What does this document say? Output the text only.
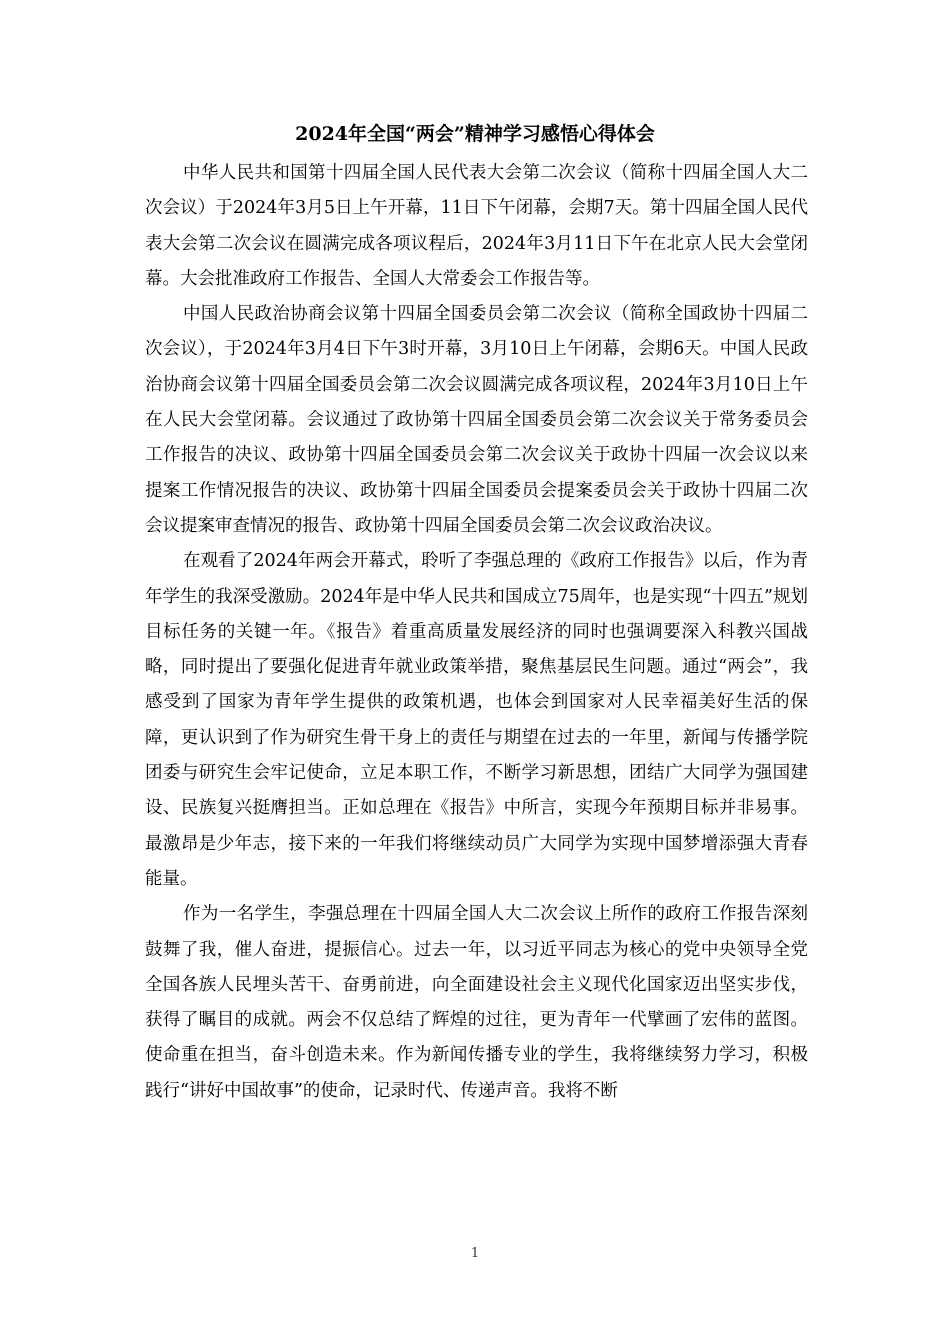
2024年全国“两会”精神学习感悟心得体会

中华人民共和国第十四届全国人民代表大会第二次会议（简称十四届全国人大二次会议）于2024年3月5日上午开幕，11日下午闭幕，会期7天。第十四届全国人民代表大会第二次会议在圆满完成各项议程后，2024年3月11日下午在北京人民大会堂闭幕。大会批准政府工作报告、全国人大常委会工作报告等。

中国人民政治协商会议第十四届全国委员会第二次会议（简称全国政协十四届二次会议），于2024年3月4日下午3时开幕，3月10日上午闭幕，会期6天。中国人民政治协商会议第十四届全国委员会第二次会议圆满完成各项议程，2024年3月10日上午在人民大会堂闭幕。会议通过了政协第十四届全国委员会第二次会议关于常务委员会工作报告的决议、政协第十四届全国委员会第二次会议关于政协十四届一次会议以来提案工作情况报告的决议、政协第十四届全国委员会提案委员会关于政协十四届二次会议提案审查情况的报告、政协第十四届全国委员会第二次会议政治决议。

在观看了2024年两会开幕式，聆听了李强总理的《政府工作报告》以后，作为青年学生的我深受激励。2024年是中华人民共和国成立75周年，也是实现“十四五”规划目标任务的关键一年。《报告》着重高质量发展经济的同时也强调要深入科教兴国战略，同时提出了要强化促进青年就业政策举措，聚焦基层民生问题。通过“两会”，我感受到了国家为青年学生提供的政策机遇，也体会到国家对人民幸福美好生活的保障，更认识到了作为研究生骨干身上的责任与期望在过去的一年里，新闻与传播学院团委与研究生会牢记使命，立足本职工作，不断学习新思想，团结广大同学为强国建设、民族复兴挺膺担当。正如总理在《报告》中所言，实现今年预期目标并非易事。最激昂是少年志，接下来的一年我们将继续动员广大同学为实现中国梦增添强大青春能量。

作为一名学生，李强总理在十四届全国人大二次会议上所作的政府工作报告深刻鼓舞了我，催人奋进，提振信心。过去一年，以习近平同志为核心的党中央领导全党全国各族人民埋头苦干、奋勇前进，向全面建设社会主义现代化国家迈出坚实步伐，获得了瞩目的成就。两会不仅总结了辉煌的过往，更为青年一代擘画了宏伟的蓝图。使命重在担当，奋斗创造未来。作为新闻传播专业的学生，我将继续努力学习，积极践行“讲好中国故事”的使命，记录时代、传递声音。我将不断

1
